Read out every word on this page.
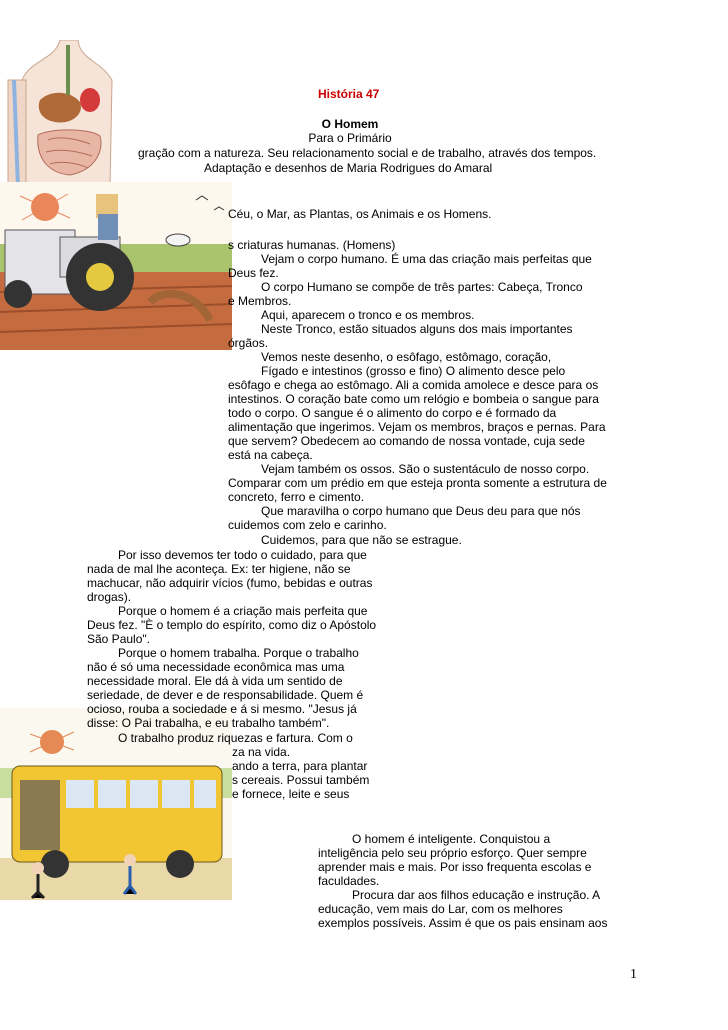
História 47
O Homem
Para o Primário
gração com a natureza. Seu relacionamento social e de trabalho, através dos tempos.
Adaptação e desenhos de Maria Rodrigues do Amaral
Céu, o Mar, as Plantas, os Animais e os Homens.
s criaturas humanas. (Homens)
Vejam o corpo humano. É uma das criação mais perfeitas que
Deus fez.
O corpo Humano se compõe de três partes: Cabeça, Tronco
e Membros.
Aqui, aparecem o tronco e os membros.
Neste Tronco, estão situados alguns dos mais importantes
órgãos.
Vemos neste desenho, o esôfago, estômago, coração,
Fígado e intestinos (grosso e fino) O alimento desce pelo
esôfago e chega ao estômago. Ali a comida amolece e desce para os
intestinos. O coração bate como um relógio e bombeia o sangue para
todo o corpo. O sangue é o alimento do corpo e é formado da
alimentação que ingerimos. Vejam os membros, braços e pernas. Para
que servem? Obedecem ao comando de nossa vontade, cuja sede
está na cabeça.
Vejam também os ossos. São o sustentáculo de nosso corpo.
Comparar com um prédio em que esteja pronta somente a estrutura de
concreto, ferro e cimento.
Que maravilha o corpo humano que Deus deu para que nós
cuidemos com zelo e carinho.
Cuidemos, para que não se estrague.
Por isso devemos ter todo o cuidado, para que
nada de mal lhe aconteça. Ex: ter higiene, não se
machucar, não adquirir vícios (fumo, bebidas e outras
drogas).
Porque o homem é a criação mais perfeita que
Deus fez. "È o templo do espírito, como diz o Apóstolo
São Paulo".
Porque o homem trabalha. Porque o trabalho
não é só uma necessidade econômica mas uma
necessidade moral. Ele dá à vida um sentido de
seriedade, de dever e de responsabilidade. Quem é
ocioso, rouba a sociedade e á si mesmo. "Jesus já
disse: O Pai trabalha, e eu trabalho também".
O trabalho produz riquezas e fartura. Com o
za na vida.
ando a terra, para plantar
s cereais. Possui também
e fornece, leite e seus
O homem é inteligente. Conquistou a
inteligência pelo seu próprio esforço. Quer sempre
aprender mais e mais. Por isso frequenta escolas e
faculdades.
Procura dar aos filhos educação e instrução. A
educação, vem mais do Lar, com os melhores
exemplos possíveis. Assim é que os pais ensinam aos
1
